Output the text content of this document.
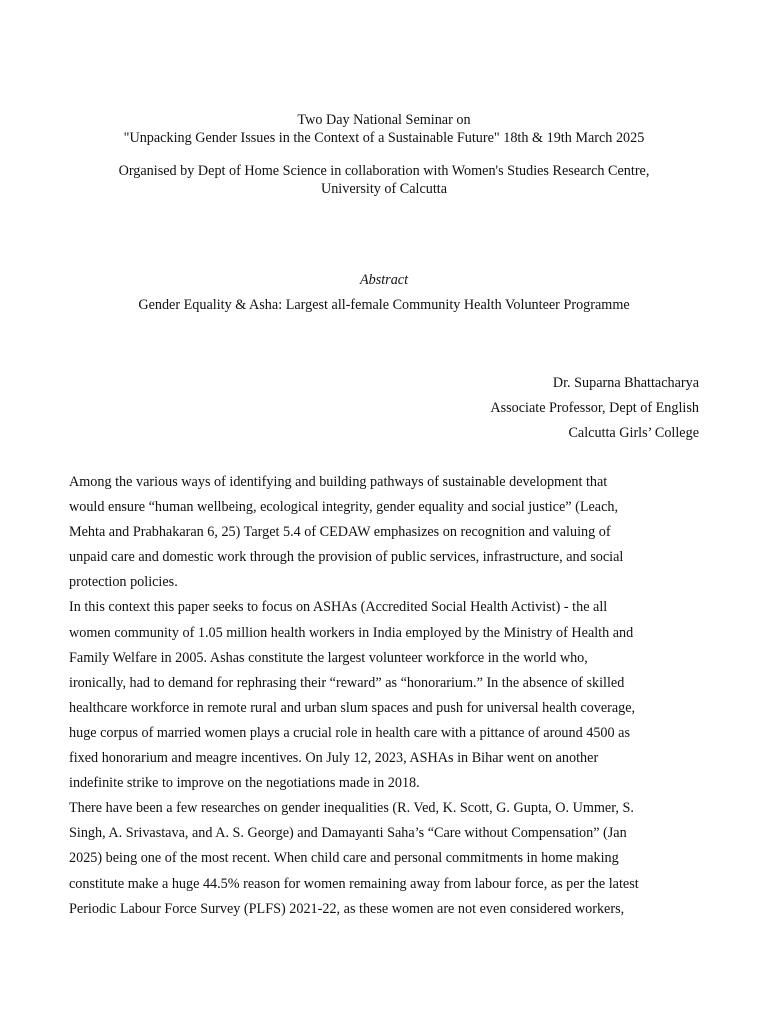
Two Day National Seminar on
"Unpacking Gender Issues in the Context of a Sustainable Future" 18th & 19th March 2025
Organised by Dept of Home Science in collaboration with Women's Studies Research Centre,
University of Calcutta
Abstract
Gender Equality & Asha: Largest all-female Community Health Volunteer Programme
Dr. Suparna Bhattacharya
Associate Professor, Dept of English
Calcutta Girls’ College
Among the various ways of identifying and building pathways of sustainable development that
would ensure “human wellbeing, ecological integrity, gender equality and social justice” (Leach,
Mehta and Prabhakaran 6, 25) Target 5.4 of CEDAW emphasizes on recognition and valuing of
unpaid care and domestic work through the provision of public services, infrastructure, and social
protection policies.
In this context this paper seeks to focus on ASHAs (Accredited Social Health Activist) - the all
women community of 1.05 million health workers in India employed by the Ministry of Health and
Family Welfare in 2005. Ashas constitute the largest volunteer workforce in the world who,
ironically, had to demand for rephrasing their “reward” as “honorarium.” In the absence of skilled
healthcare workforce in remote rural and urban slum spaces and push for universal health coverage,
huge corpus of married women plays a crucial role in health care with a pittance of around 4500 as
fixed honorarium and meagre incentives. On July 12, 2023, ASHAs in Bihar went on another
indefinite strike to improve on the negotiations made in 2018.
There have been a few researches on gender inequalities (R. Ved, K. Scott, G. Gupta, O. Ummer, S.
Singh, A. Srivastava, and A. S. George) and Damayanti Saha’s “Care without Compensation” (Jan
2025) being one of the most recent. When child care and personal commitments in home making
constitute make a huge 44.5% reason for women remaining away from labour force, as per the latest
Periodic Labour Force Survey (PLFS) 2021-22, as these women are not even considered workers,
